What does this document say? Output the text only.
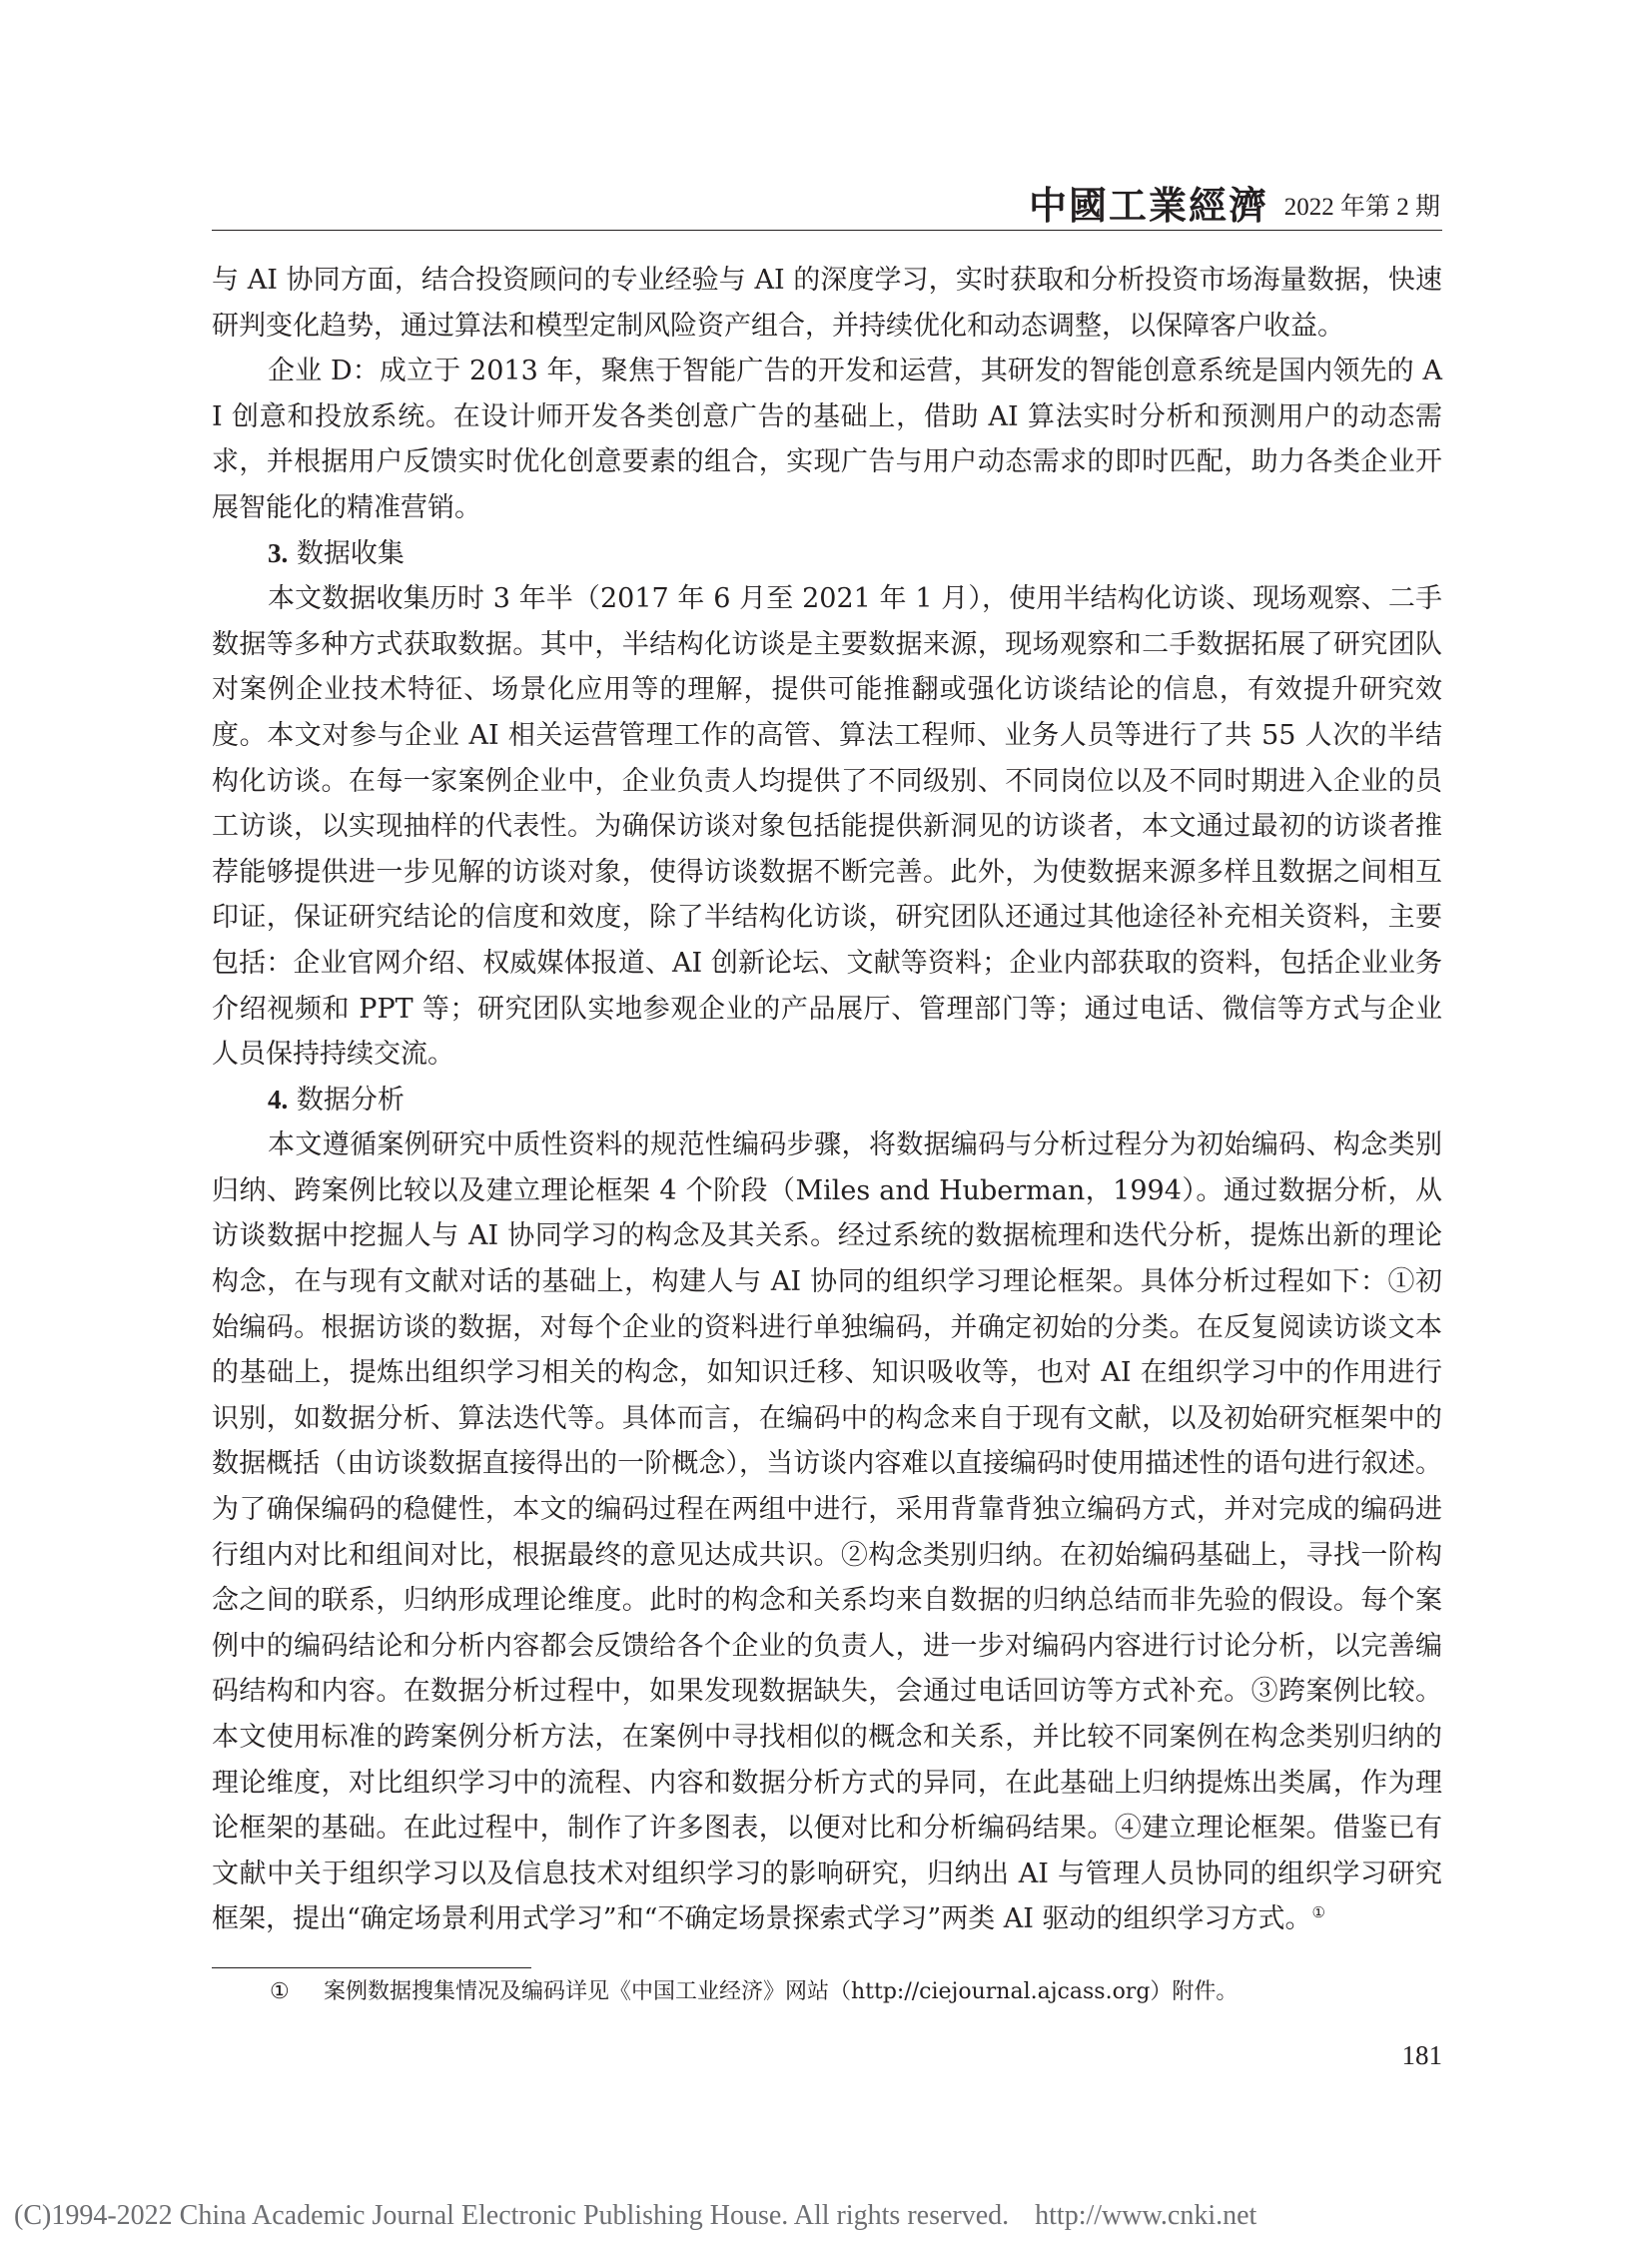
中國工業經濟 2022 年第 2 期

与 AI 协同方面，结合投资顾问的专业经验与 AI 的深度学习，实时获取和分析投资市场海量数据，快速研判变化趋势，通过算法和模型定制风险资产组合，并持续优化和动态调整，以保障客户收益。

企业 D：成立于 2013 年，聚焦于智能广告的开发和运营，其研发的智能创意系统是国内领先的 AI 创意和投放系统。在设计师开发各类创意广告的基础上，借助 AI 算法实时分析和预测用户的动态需求，并根据用户反馈实时优化创意要素的组合，实现广告与用户动态需求的即时匹配，助力各类企业开展智能化的精准营销。

3. 数据收集

本文数据收集历时 3 年半（2017 年 6 月至 2021 年 1 月），使用半结构化访谈、现场观察、二手数据等多种方式获取数据。其中，半结构化访谈是主要数据来源，现场观察和二手数据拓展了研究团队对案例企业技术特征、场景化应用等的理解，提供可能推翻或强化访谈结论的信息，有效提升研究效度。本文对参与企业 AI 相关运营管理工作的高管、算法工程师、业务人员等进行了共 55 人次的半结构化访谈。在每一家案例企业中，企业负责人均提供了不同级别、不同岗位以及不同时期进入企业的员工访谈，以实现抽样的代表性。为确保访谈对象包括能提供新洞见的访谈者，本文通过最初的访谈者推荐能够提供进一步见解的访谈对象，使得访谈数据不断完善。此外，为使数据来源多样且数据之间相互印证，保证研究结论的信度和效度，除了半结构化访谈，研究团队还通过其他途径补充相关资料，主要包括：企业官网介绍、权威媒体报道、AI 创新论坛、文献等资料；企业内部获取的资料，包括企业业务介绍视频和 PPT 等；研究团队实地参观企业的产品展厅、管理部门等；通过电话、微信等方式与企业人员保持持续交流。

4. 数据分析

本文遵循案例研究中质性资料的规范性编码步骤，将数据编码与分析过程分为初始编码、构念类别归纳、跨案例比较以及建立理论框架 4 个阶段（Miles and Huberman，1994）。通过数据分析，从访谈数据中挖掘人与 AI 协同学习的构念及其关系。经过系统的数据梳理和迭代分析，提炼出新的理论构念，在与现有文献对话的基础上，构建人与 AI 协同的组织学习理论框架。具体分析过程如下：①初始编码。根据访谈的数据，对每个企业的资料进行单独编码，并确定初始的分类。在反复阅读访谈文本的基础上，提炼出组织学习相关的构念，如知识迁移、知识吸收等，也对 AI 在组织学习中的作用进行识别，如数据分析、算法迭代等。具体而言，在编码中的构念来自于现有文献，以及初始研究框架中的数据概括（由访谈数据直接得出的一阶概念），当访谈内容难以直接编码时使用描述性的语句进行叙述。为了确保编码的稳健性，本文的编码过程在两组中进行，采用背靠背独立编码方式，并对完成的编码进行组内对比和组间对比，根据最终的意见达成共识。②构念类别归纳。在初始编码基础上，寻找一阶构念之间的联系，归纳形成理论维度。此时的构念和关系均来自数据的归纳总结而非先验的假设。每个案例中的编码结论和分析内容都会反馈给各个企业的负责人，进一步对编码内容进行讨论分析，以完善编码结构和内容。在数据分析过程中，如果发现数据缺失，会通过电话回访等方式补充。③跨案例比较。本文使用标准的跨案例分析方法，在案例中寻找相似的概念和关系，并比较不同案例在构念类别归纳的理论维度，对比组织学习中的流程、内容和数据分析方式的异同，在此基础上归纳提炼出类属，作为理论框架的基础。在此过程中，制作了许多图表，以便对比和分析编码结果。④建立理论框架。借鉴已有文献中关于组织学习以及信息技术对组织学习的影响研究，归纳出 AI 与管理人员协同的组织学习研究框架，提出“确定场景利用式学习”和“不确定场景探索式学习”两类 AI 驱动的组织学习方式。①

① 案例数据搜集情况及编码详见《中国工业经济》网站（http://ciejournal.ajcass.org）附件。
181
(C)1994-2022 China Academic Journal Electronic Publishing House. All rights reserved. http://www.cnki.net
